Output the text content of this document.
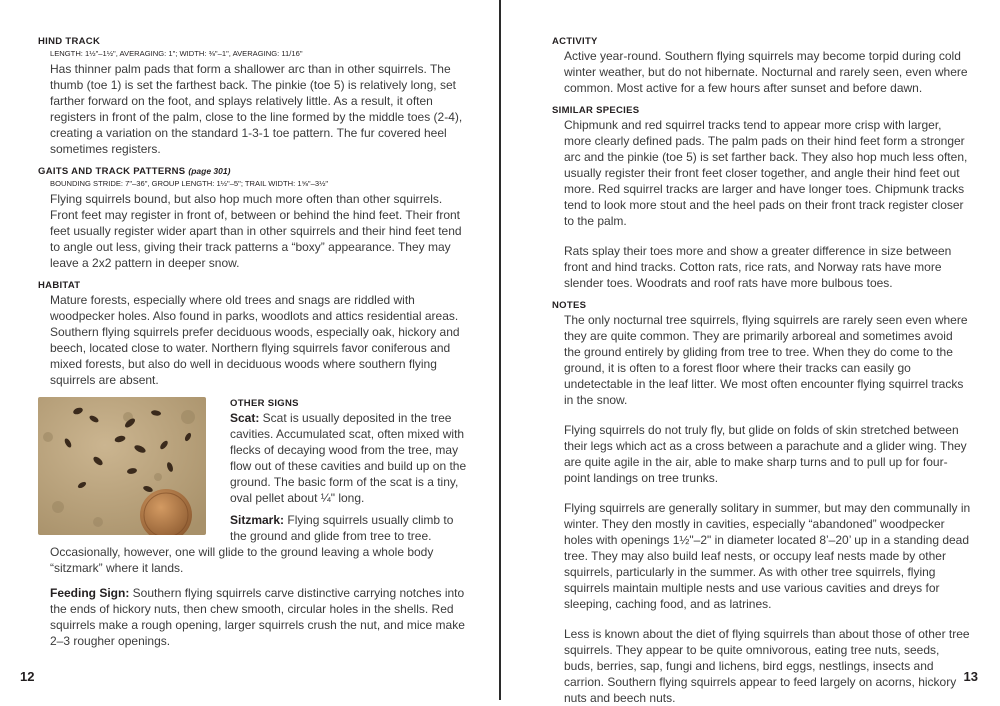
HIND TRACK
LENGTH: 1½"–1½", AVERAGING: 1"; WIDTH: ⅜"–1", AVERAGING: 11/16"

Has thinner palm pads that form a shallower arc than in other squirrels. The thumb (toe 1) is set the farthest back. The pinkie (toe 5) is relatively long, set farther forward on the foot, and splays relatively little. As a result, it often registers in front of the palm, close to the line formed by the middle toes (2-4), creating a variation on the standard 1-3-1 toe pattern. The fur covered heel sometimes registers.

GAITS AND TRACK PATTERNS (page 301)
BOUNDING STRIDE: 7"–36", GROUP LENGTH: 1½"–5"; TRAIL WIDTH: 1⅝"–3½"

Flying squirrels bound, but also hop much more often than other squirrels. Front feet may register in front of, between or behind the hind feet. Their front feet usually register wider apart than in other squirrels and their hind feet tend to angle out less, giving their track patterns a “boxy” appearance. They may leave a 2x2 pattern in deeper snow.

HABITAT

Mature forests, especially where old trees and snags are riddled with woodpecker holes. Also found in parks, woodlots and attics residential areas. Southern flying squirrels prefer deciduous woods, especially oak, hickory and beech, located close to water. Northern flying squirrels favor coniferous and mixed forests, but also do well in deciduous woods where southern flying squirrels are absent.

OTHER SIGNS

Scat: Scat is usually deposited in the tree cavities. Accumulated scat, often mixed with flecks of decaying wood from the tree, may flow out of these cavities and build up on the ground. The basic form of the scat is a tiny, oval pellet about ¼" long.

Sitzmark: Flying squirrels usually climb to the ground and glide from tree to tree.

Occasionally, however, one will glide to the ground leaving a whole body “sitzmark” where it lands.

Feeding Sign: Southern flying squirrels carve distinctive carrying notches into the ends of hickory nuts, then chew smooth, circular holes in the shells. Red squirrels make a rough opening, larger squirrels crush the nut, and mice make 2–3 rougher openings.

12
ACTIVITY

Active year-round. Southern flying squirrels may become torpid during cold winter weather, but do not hibernate. Nocturnal and rarely seen, even where common. Most active for a few hours after sunset and before dawn.

SIMILAR SPECIES

Chipmunk and red squirrel tracks tend to appear more crisp with larger, more clearly defined pads. The palm pads on their hind feet form a stronger arc and the pinkie (toe 5) is set farther back. They also hop much less often, usually register their front feet closer together, and angle their hind feet out more. Red squirrel tracks are larger and have longer toes. Chipmunk tracks tend to look more stout and the heel pads on their front track register closer to the palm.

Rats splay their toes more and show a greater difference in size between front and hind tracks. Cotton rats, rice rats, and Norway rats have more slender toes. Woodrats and roof rats have more bulbous toes.

NOTES

The only nocturnal tree squirrels, flying squirrels are rarely seen even where they are quite common. They are primarily arboreal and sometimes avoid the ground entirely by gliding from tree to tree. When they do come to the ground, it is often to a forest floor where their tracks can easily go undetectable in the leaf litter. We most often encounter flying squirrel tracks in the snow.

Flying squirrels do not truly fly, but glide on folds of skin stretched between their legs which act as a cross between a parachute and a glider wing. They are quite agile in the air, able to make sharp turns and to pull up for four-point landings on tree trunks.

Flying squirrels are generally solitary in summer, but may den communally in winter. They den mostly in cavities, especially “abandoned” woodpecker holes with openings 1½"–2" in diameter located 8’–20’ up in a standing dead tree. They may also build leaf nests, or occupy leaf nests made by other squirrels, particularly in the summer. As with other tree squirrels, flying squirrels maintain multiple nests and use various cavities and dreys for sleeping, caching food, and as latrines.

Less is known about the diet of flying squirrels than about those of other tree squirrels. They appear to be quite omnivorous, eating tree nuts, seeds, buds, berries, sap, fungi and lichens, bird eggs, nestlings, insects and carrion. Southern flying squirrels appear to feed largely on acorns, hickory nuts and beech nuts.

13
